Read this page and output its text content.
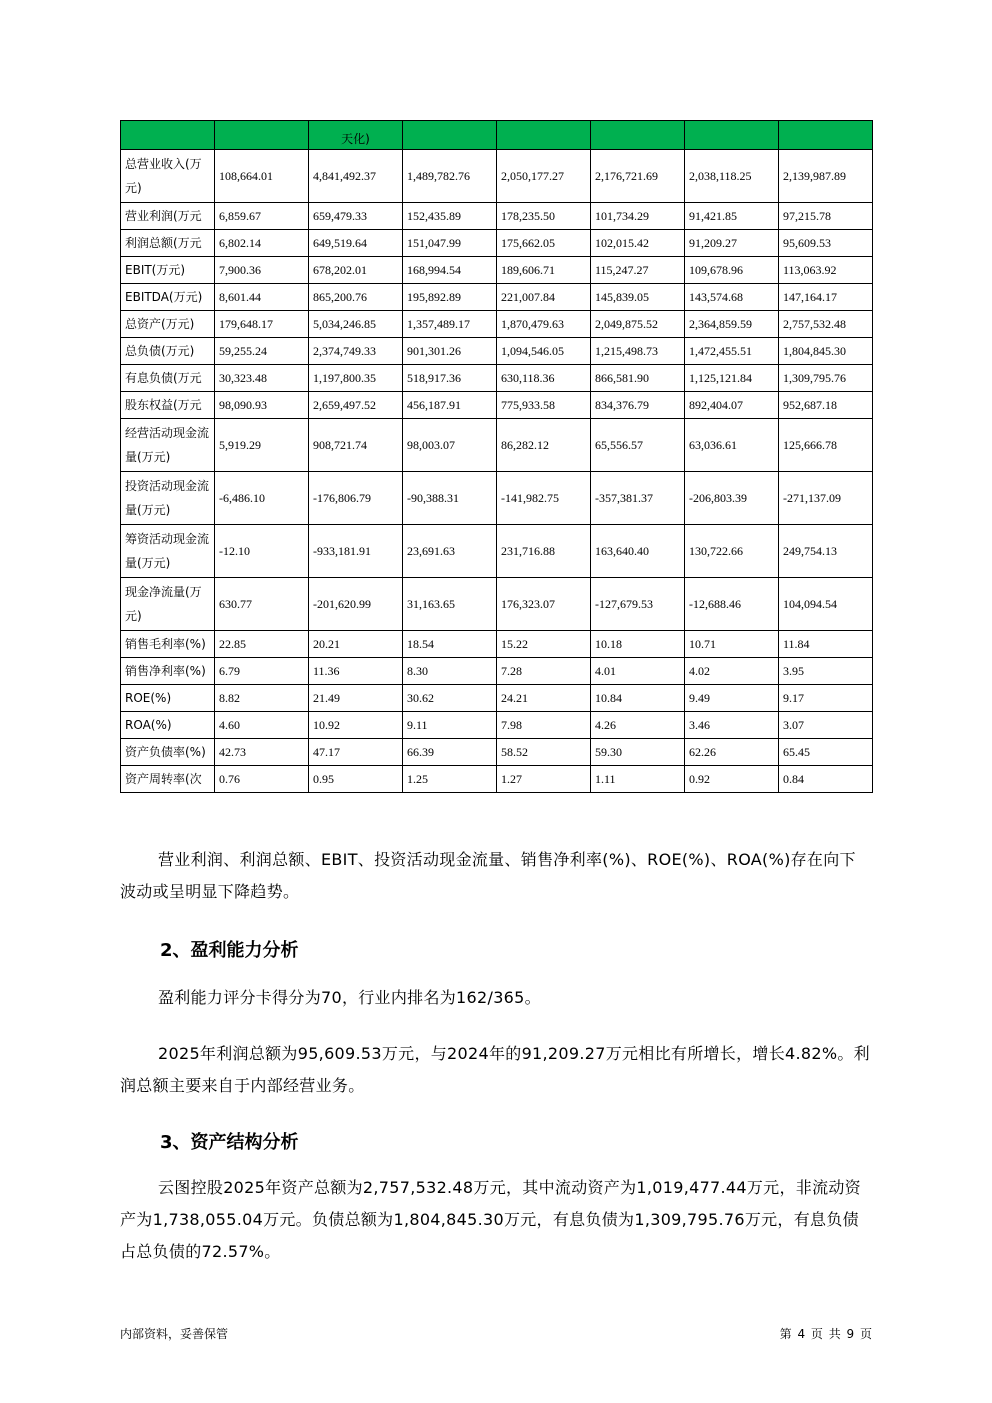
		天化)					
总营业收入(万元)	108,664.01	4,841,492.37	1,489,782.76	2,050,177.27	2,176,721.69	2,038,118.25	2,139,987.89
营业利润(万元	6,859.67	659,479.33	152,435.89	178,235.50	101,734.29	91,421.85	97,215.78
利润总额(万元	6,802.14	649,519.64	151,047.99	175,662.05	102,015.42	91,209.27	95,609.53
EBIT(万元)	7,900.36	678,202.01	168,994.54	189,606.71	115,247.27	109,678.96	113,063.92
EBITDA(万元)	8,601.44	865,200.76	195,892.89	221,007.84	145,839.05	143,574.68	147,164.17
总资产(万元)	179,648.17	5,034,246.85	1,357,489.17	1,870,479.63	2,049,875.52	2,364,859.59	2,757,532.48
总负债(万元)	59,255.24	2,374,749.33	901,301.26	1,094,546.05	1,215,498.73	1,472,455.51	1,804,845.30
有息负债(万元	30,323.48	1,197,800.35	518,917.36	630,118.36	866,581.90	1,125,121.84	1,309,795.76
股东权益(万元	98,090.93	2,659,497.52	456,187.91	775,933.58	834,376.79	892,404.07	952,687.18
经营活动现金流量(万元)	5,919.29	908,721.74	98,003.07	86,282.12	65,556.57	63,036.61	125,666.78
投资活动现金流量(万元)	-6,486.10	-176,806.79	-90,388.31	-141,982.75	-357,381.37	-206,803.39	-271,137.09
筹资活动现金流量(万元)	-12.10	-933,181.91	23,691.63	231,716.88	163,640.40	130,722.66	249,754.13
现金净流量(万元)	630.77	-201,620.99	31,163.65	176,323.07	-127,679.53	-12,688.46	104,094.54
销售毛利率(%)	22.85	20.21	18.54	15.22	10.18	10.71	11.84
销售净利率(%)	6.79	11.36	8.30	7.28	4.01	4.02	3.95
ROE(%)	8.82	21.49	30.62	24.21	10.84	9.49	9.17
ROA(%)	4.60	10.92	9.11	7.98	4.26	3.46	3.07
资产负债率(%)	42.73	47.17	66.39	58.52	59.30	62.26	65.45
资产周转率(次	0.76	0.95	1.25	1.27	1.11	0.92	0.84
营业利润、利润总额、EBIT、投资活动现金流量、销售净利率(%)、ROE(%)、ROA(%)存在向下波动或呈明显下降趋势。
2、盈利能力分析
盈利能力评分卡得分为70，行业内排名为162/365。
2025年利润总额为95,609.53万元，与2024年的91,209.27万元相比有所增长，增长4.82%。利润总额主要来自于内部经营业务。
3、资产结构分析
云图控股2025年资产总额为2,757,532.48万元，其中流动资产为1,019,477.44万元，非流动资产为1,738,055.04万元。负债总额为1,804,845.30万元，有息负债为1,309,795.76万元，有息负债占总负债的72.57%。
内部资料，妥善保管	第 4 页 共 9 页
